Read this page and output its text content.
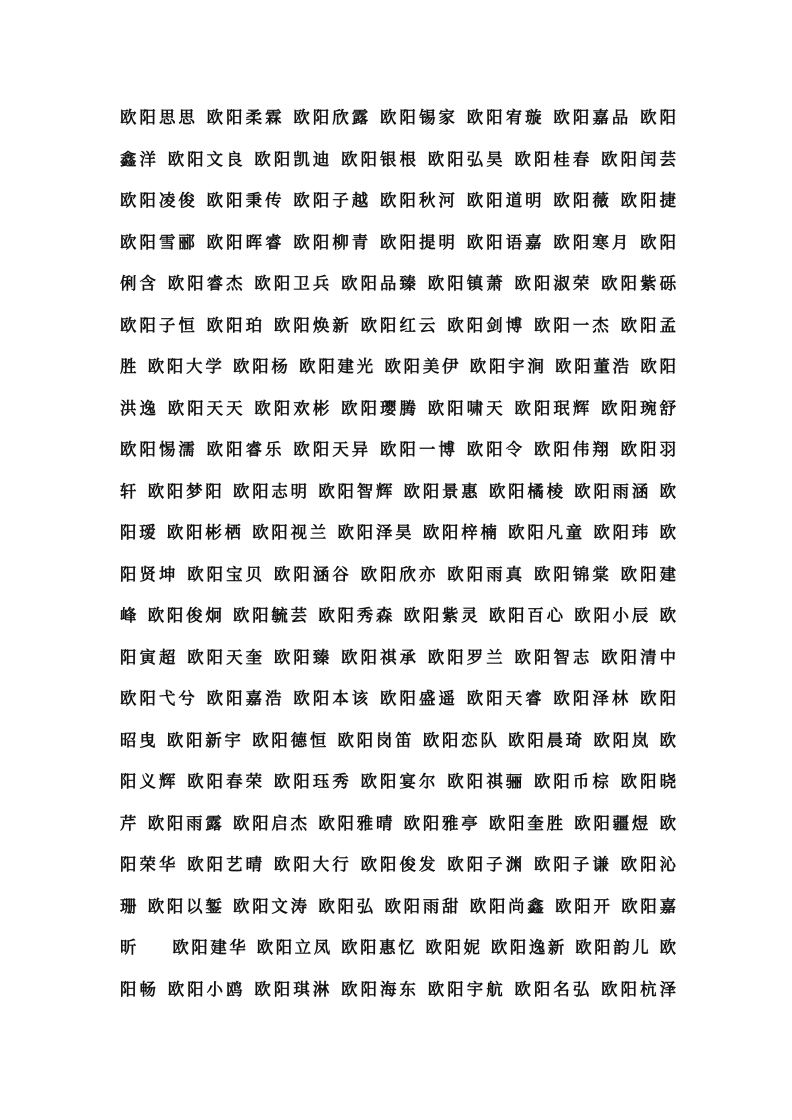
欧阳思思 欧阳柔霖 欧阳欣露 欧阳锡家 欧阳宥璇 欧阳嘉品 欧阳
鑫洋 欧阳文良 欧阳凯迪 欧阳银根 欧阳弘昊 欧阳桂春 欧阳闰芸
欧阳凌俊 欧阳秉传 欧阳子越 欧阳秋河 欧阳道明 欧阳薇 欧阳捷
欧阳雪郦 欧阳晖睿 欧阳柳青 欧阳提明 欧阳语嘉 欧阳寒月 欧阳
俐含 欧阳睿杰 欧阳卫兵 欧阳品臻 欧阳镇萧 欧阳淑荣 欧阳紫砾
欧阳子恒 欧阳珀 欧阳焕新 欧阳红云 欧阳剑博 欧阳一杰 欧阳孟
胜 欧阳大学 欧阳杨 欧阳建光 欧阳美伊 欧阳宇涧 欧阳董浩 欧阳
洪逸 欧阳天天 欧阳欢彬 欧阳璎腾 欧阳啸天 欧阳珉辉 欧阳琬舒
欧阳惕濡 欧阳睿乐 欧阳天异 欧阳一博 欧阳令 欧阳伟翔 欧阳羽
轩 欧阳梦阳 欧阳志明 欧阳智辉 欧阳景惠 欧阳橘棱 欧阳雨涵 欧
阳瑷 欧阳彬栖 欧阳视兰 欧阳泽昊 欧阳梓楠 欧阳凡童 欧阳玮 欧
阳贤坤 欧阳宝贝 欧阳涵谷 欧阳欣亦 欧阳雨真 欧阳锦棠 欧阳建
峰 欧阳俊炯 欧阳毓芸 欧阳秀森 欧阳紫灵 欧阳百心 欧阳小辰 欧
阳寅超 欧阳天奎 欧阳臻 欧阳祺承 欧阳罗兰 欧阳智志 欧阳清中
欧阳弋兮 欧阳嘉浩 欧阳本该 欧阳盛遥 欧阳天睿 欧阳泽林 欧阳
昭曳 欧阳新宇 欧阳德恒 欧阳岗笛 欧阳恋队 欧阳晨琦 欧阳岚 欧
阳义辉 欧阳春荣 欧阳珏秀 欧阳宴尔 欧阳祺骊 欧阳币棕 欧阳晓
芹 欧阳雨露 欧阳启杰 欧阳雅晴 欧阳雅亭 欧阳奎胜 欧阳疆煜 欧
阳荣华 欧阳艺晴 欧阳大行 欧阳俊发 欧阳子渊 欧阳子谦 欧阳沁
珊 欧阳以錾 欧阳文涛 欧阳弘 欧阳雨甜 欧阳尚鑫 欧阳开 欧阳嘉
昕    欧阳建华 欧阳立凤 欧阳惠忆 欧阳妮 欧阳逸新 欧阳韵儿 欧
阳畅 欧阳小鸥 欧阳琪淋 欧阳海东 欧阳宇航 欧阳名弘 欧阳杭泽
